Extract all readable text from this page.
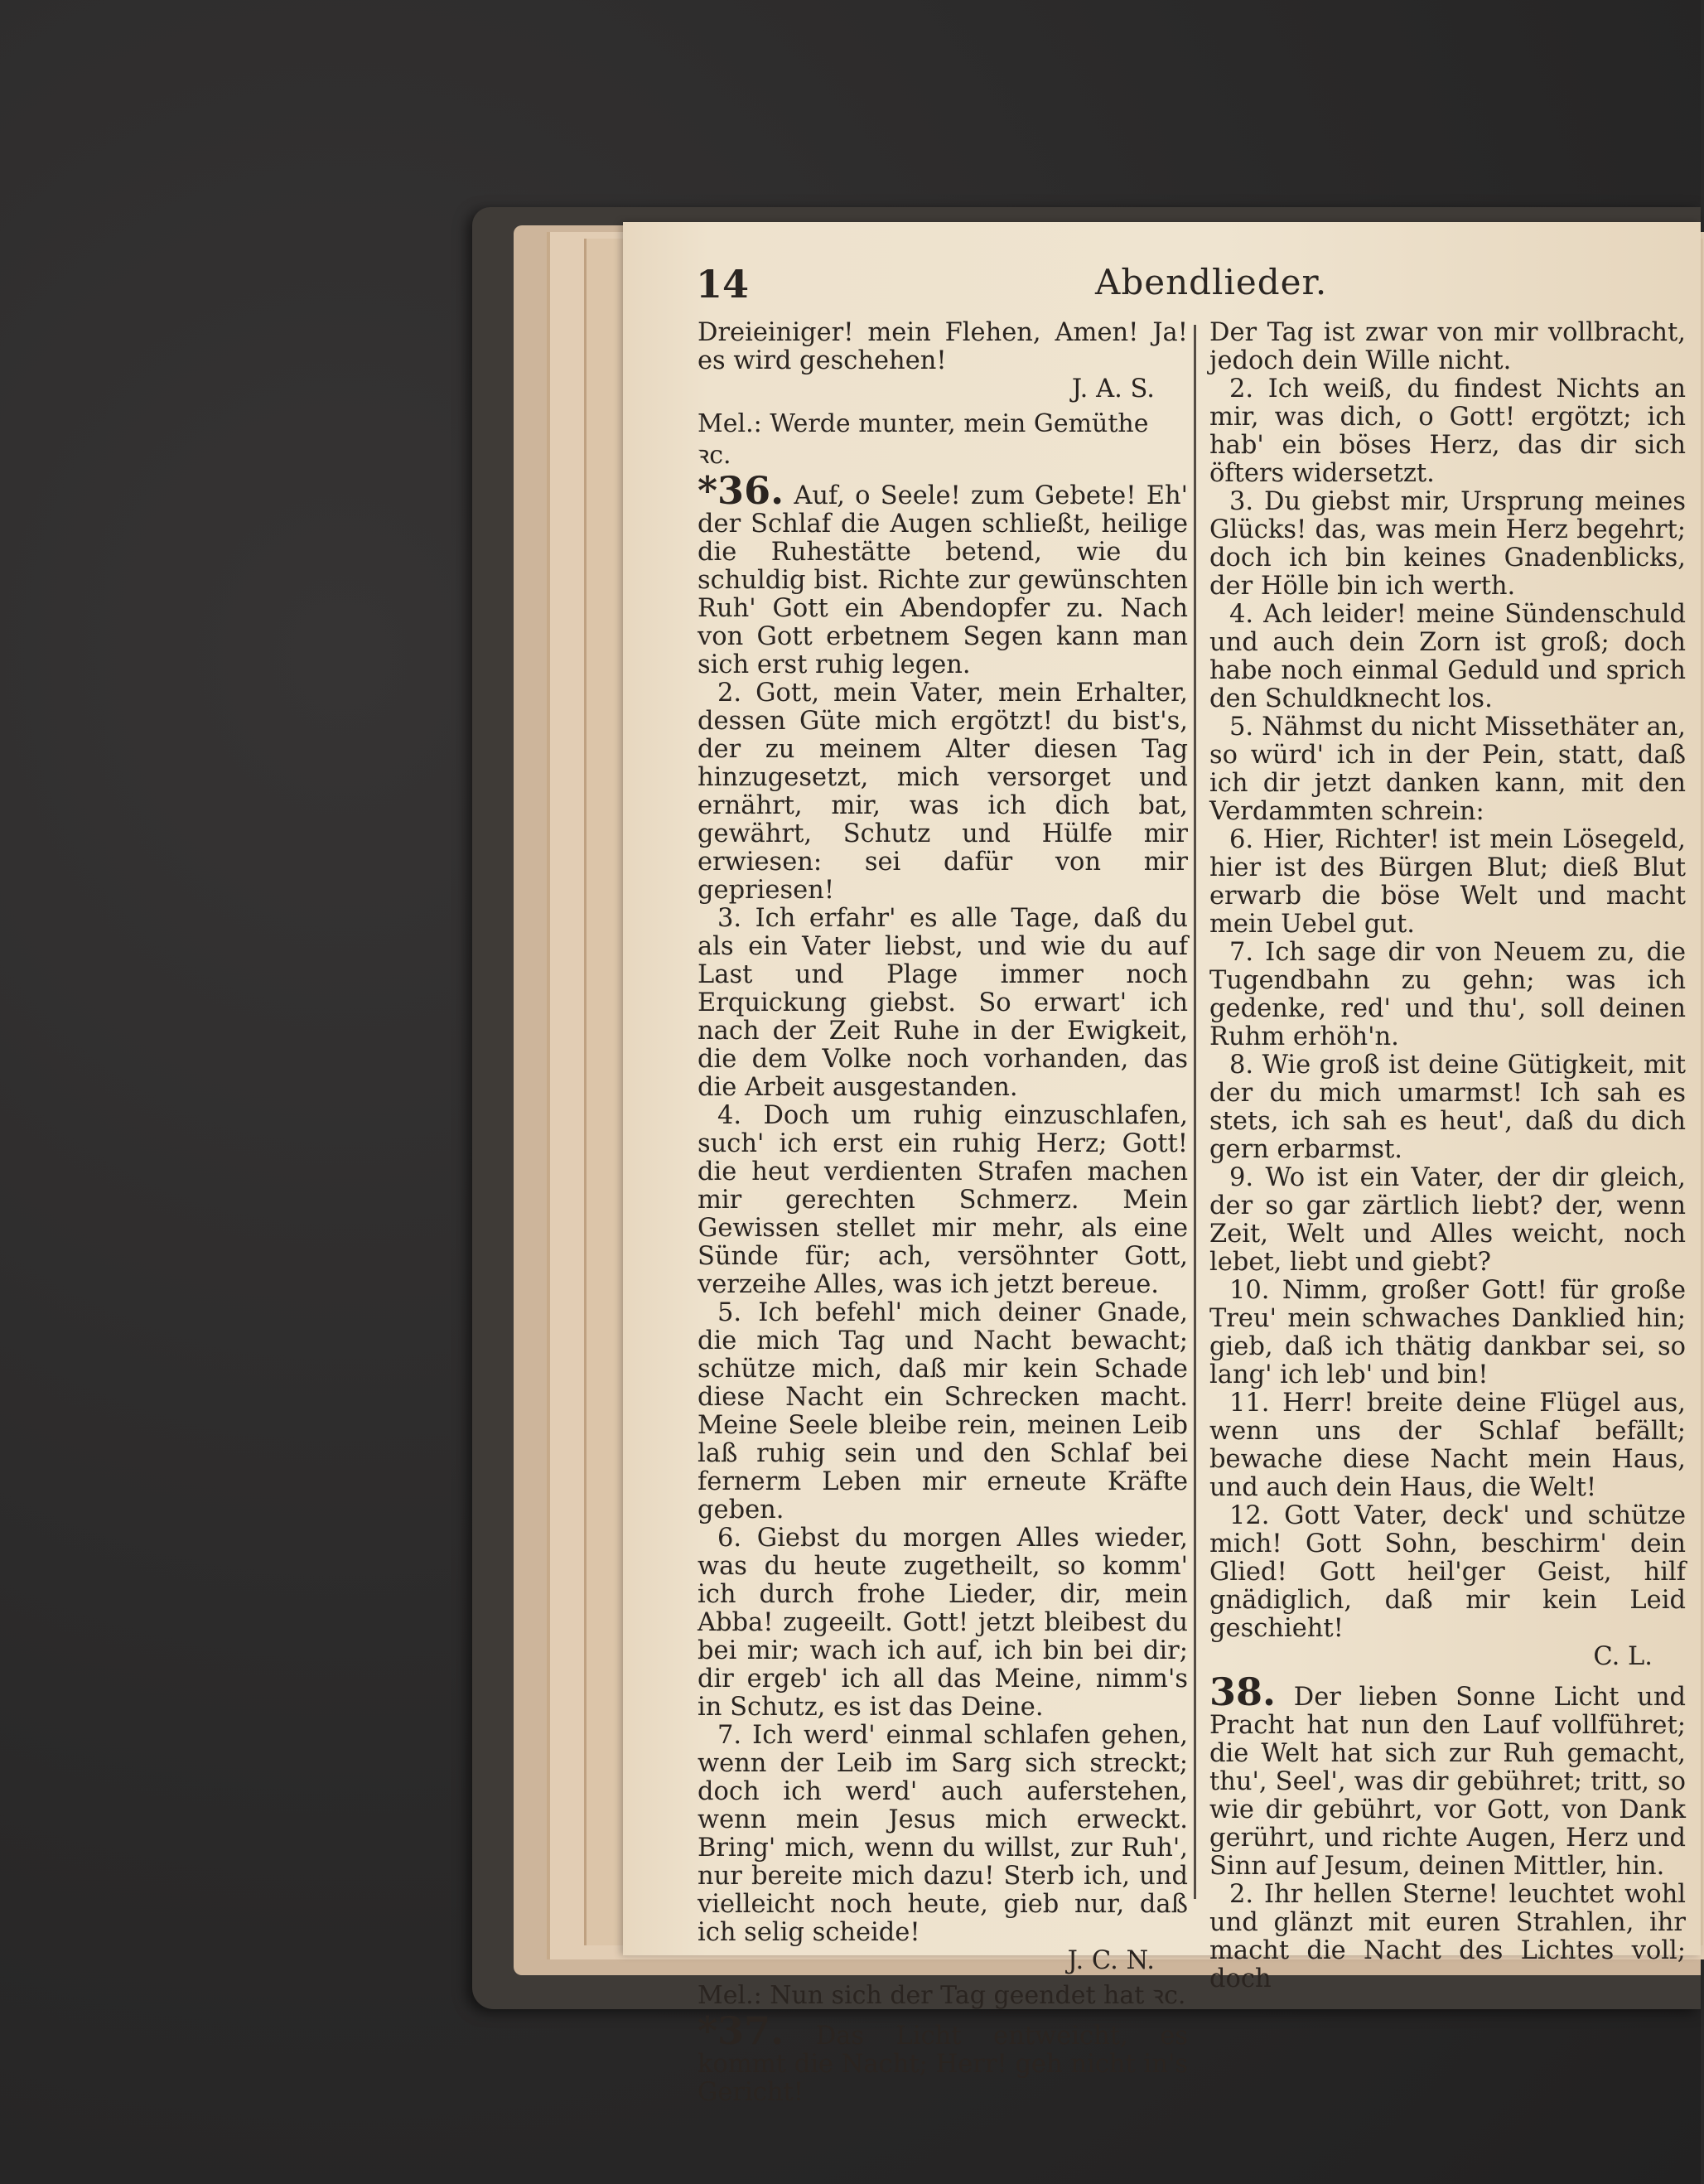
14	Abendlieder.

Dreieiniger! mein Flehen, Amen! Ja! es wird geschehen!

J. A. S.

Mel.: Werde munter, mein Gemüthe ꝛc.

*36. Auf, o Seele! zum Gebete! Eh' der Schlaf die Augen schließt, heilige die Ruhestätte betend, wie du schuldig bist. Richte zur gewünschten Ruh' Gott ein Abendopfer zu. Nach von Gott erbetnem Segen kann man sich erst ruhig legen.

2. Gott, mein Vater, mein Erhalter, dessen Güte mich ergötzt! du bist's, der zu meinem Alter diesen Tag hinzugesetzt, mich versorget und ernährt, mir, was ich dich bat, gewährt, Schutz und Hülfe mir erwiesen: sei dafür von mir gepriesen!

3. Ich erfahr' es alle Tage, daß du als ein Vater liebst, und wie du auf Last und Plage immer noch Erquickung giebst. So erwart' ich nach der Zeit Ruhe in der Ewigkeit, die dem Volke noch vorhanden, das die Arbeit ausgestanden.

4. Doch um ruhig einzuschlafen, such' ich erst ein ruhig Herz; Gott! die heut verdienten Strafen machen mir gerechten Schmerz. Mein Gewissen stellet mir mehr, als eine Sünde für; ach, versöhnter Gott, verzeihe Alles, was ich jetzt bereue.

5. Ich befehl' mich deiner Gnade, die mich Tag und Nacht bewacht; schütze mich, daß mir kein Schade diese Nacht ein Schrecken macht. Meine Seele bleibe rein, meinen Leib laß ruhig sein und den Schlaf bei fernerm Leben mir erneute Kräfte geben.

6. Giebst du morgen Alles wieder, was du heute zugetheilt, so komm' ich durch frohe Lieder, dir, mein Abba! zugeeilt. Gott! jetzt bleibest du bei mir; wach ich auf, ich bin bei dir; dir ergeb' ich all das Meine, nimm's in Schutz, es ist das Deine.

7. Ich werd' einmal schlafen gehen, wenn der Leib im Sarg sich streckt; doch ich werd' auch auferstehen, wenn mein Jesus mich erweckt. Bring' mich, wenn du willst, zur Ruh', nur bereite mich dazu! Sterb ich, und vielleicht noch heute, gieb nur, daß ich selig scheide!

J. C. N.

Mel.: Nun sich der Tag geendet hat ꝛc.

*37. Das Licht entweicht, es kommt die Nacht; Herr! geh nicht in's Gericht!

Der Tag ist zwar von mir vollbracht, jedoch dein Wille nicht.

2. Ich weiß, du findest Nichts an mir, was dich, o Gott! ergötzt; ich hab' ein böses Herz, das dir sich öfters widersetzt.

3. Du giebst mir, Ursprung meines Glücks! das, was mein Herz begehrt; doch ich bin keines Gnadenblicks, der Hölle bin ich werth.

4. Ach leider! meine Sündenschuld und auch dein Zorn ist groß; doch habe noch einmal Geduld und sprich den Schuldknecht los.

5. Nähmst du nicht Missethäter an, so würd' ich in der Pein, statt, daß ich dir jetzt danken kann, mit den Verdammten schrein:

6. Hier, Richter! ist mein Lösegeld, hier ist des Bürgen Blut; dieß Blut erwarb die böse Welt und macht mein Uebel gut.

7. Ich sage dir von Neuem zu, die Tugendbahn zu gehn; was ich gedenke, red' und thu', soll deinen Ruhm erhöh'n.

8. Wie groß ist deine Gütigkeit, mit der du mich umarmst! Ich sah es stets, ich sah es heut', daß du dich gern erbarmst.

9. Wo ist ein Vater, der dir gleich, der so gar zärtlich liebt? der, wenn Zeit, Welt und Alles weicht, noch lebet, liebt und giebt?

10. Nimm, großer Gott! für große Treu' mein schwaches Danklied hin; gieb, daß ich thätig dankbar sei, so lang' ich leb' und bin!

11. Herr! breite deine Flügel aus, wenn uns der Schlaf befällt; bewache diese Nacht mein Haus, und auch dein Haus, die Welt!

12. Gott Vater, deck' und schütze mich! Gott Sohn, beschirm' dein Glied! Gott heil'ger Geist, hilf gnädiglich, daß mir kein Leid geschieht!

C. L.

38. Der lieben Sonne Licht und Pracht hat nun den Lauf vollführet; die Welt hat sich zur Ruh gemacht, thu', Seel', was dir gebühret; tritt, so wie dir gebührt, vor Gott, von Dank gerührt, und richte Augen, Herz und Sinn auf Jesum, deinen Mittler, hin.

2. Ihr hellen Sterne! leuchtet wohl und glänzt mit euren Strahlen, ihr macht die Nacht des Lichtes voll; doch
